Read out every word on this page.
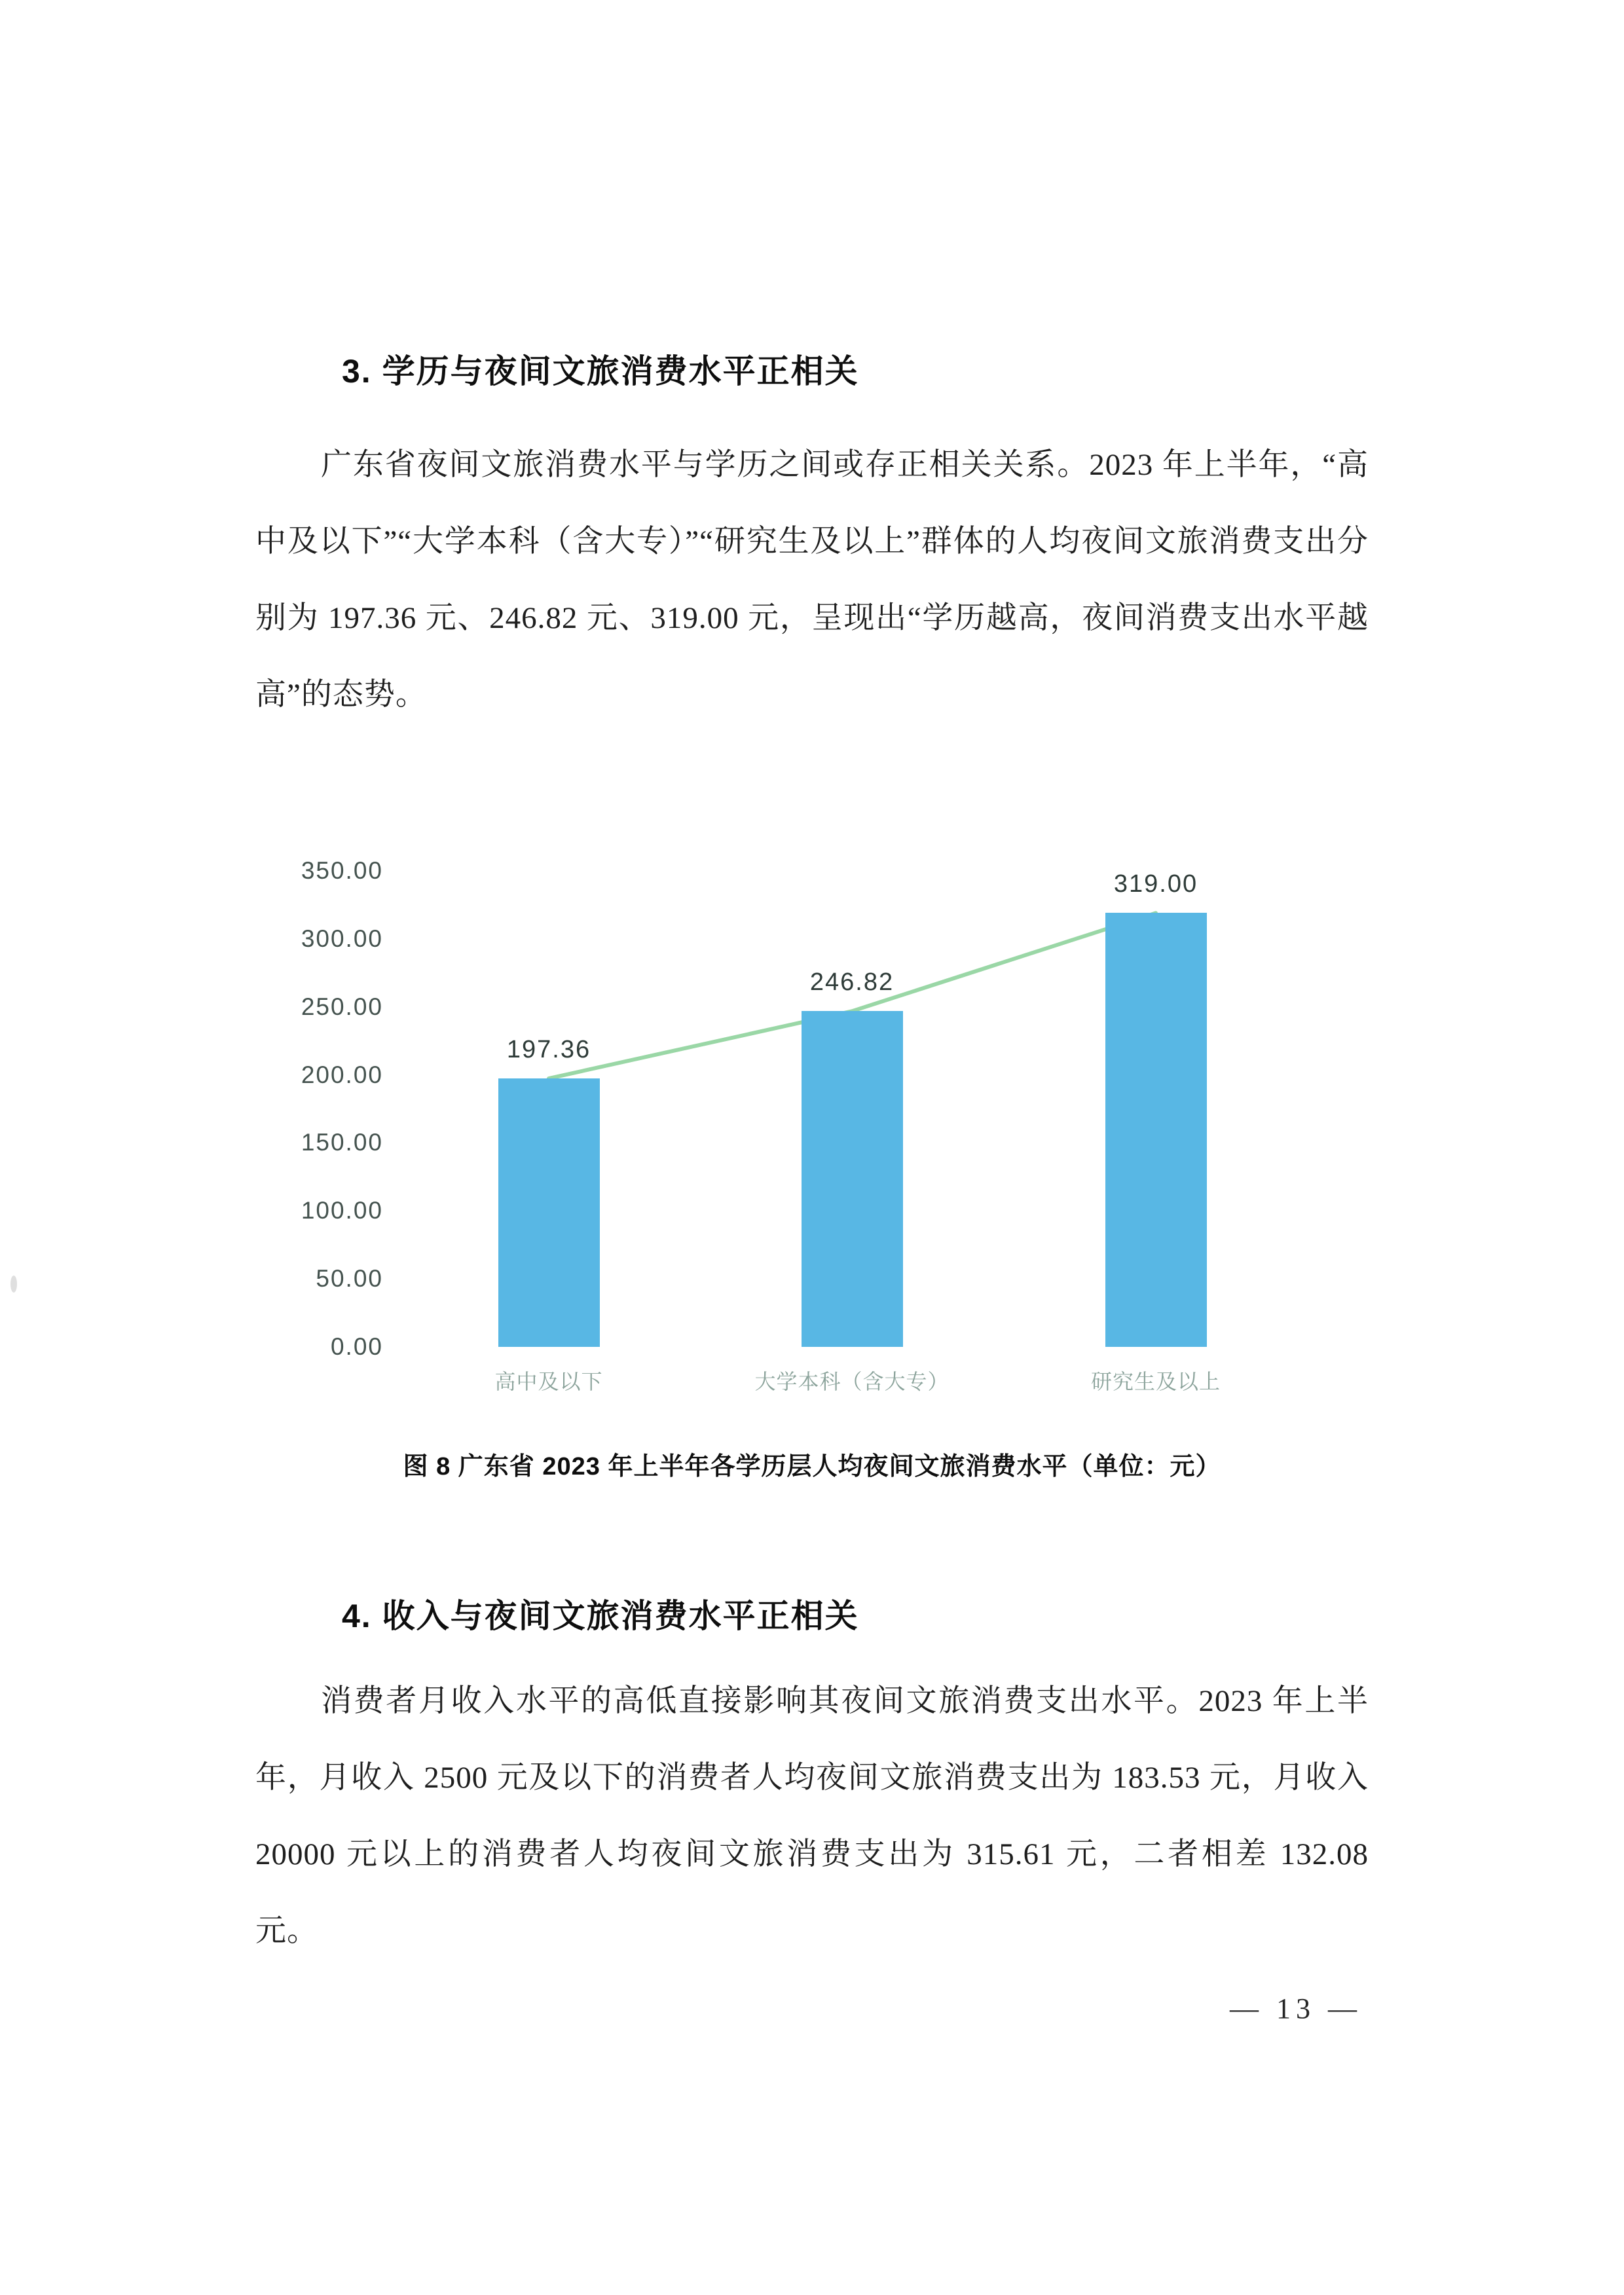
3. 学历与夜间文旅消费水平正相关
广东省夜间文旅消费水平与学历之间或存正相关关系。2023 年上半年，“高中及以下”“大学本科（含大专）”“研究生及以上”群体的人均夜间文旅消费支出分别为 197.36 元、246.82 元、319.00 元，呈现出“学历越高，夜间消费支出水平越高”的态势。
350.00
300.00
250.00
200.00
150.00
100.00
50.00
0.00
197.36
246.82
319.00
高中及以下	大学本科（含大专）	研究生及以上
图 8 广东省 2023 年上半年各学历层人均夜间文旅消费水平（单位：元）
4. 收入与夜间文旅消费水平正相关
消费者月收入水平的高低直接影响其夜间文旅消费支出水平。2023 年上半年，月收入 2500 元及以下的消费者人均夜间文旅消费支出为 183.53 元，月收入 20000 元以上的消费者人均夜间文旅消费支出为 315.61 元，二者相差 132.08 元。
— 13 —
